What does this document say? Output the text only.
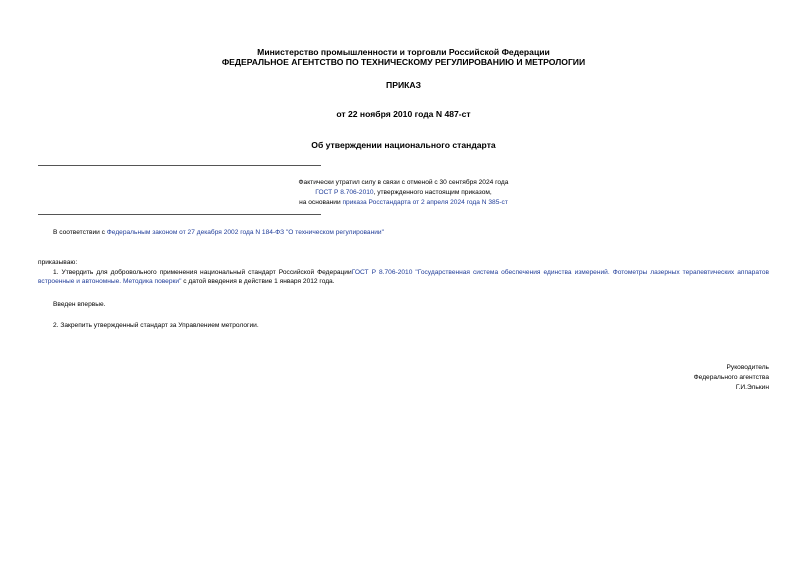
Министерство промышленности и торговли Российской Федерации
ФЕДЕРАЛЬНОЕ АГЕНТСТВО ПО ТЕХНИЧЕСКОМУ РЕГУЛИРОВАНИЮ И МЕТРОЛОГИИ
ПРИКАЗ
от 22 ноября 2010 года N 487-ст
Об утверждении национального стандарта
Фактически утратил силу в связи с отменой с 30 сентября 2024 года
ГОСТ Р 8.706-2010, утвержденного настоящим приказом,
на основании приказа Росстандарта от 2 апреля 2024 года N 385-ст
В соответствии с Федеральным законом от 27 декабря 2002 года N 184-ФЗ "О техническом регулировании"
приказываю:
1. Утвердить для добровольного применения национальный стандарт Российской ФедерацииГОСТ Р 8.706-2010 "Государственная система обеспечения единства измерений. Фотометры лазерных терапевтических аппаратов встроенные и автономные. Методика поверки" с датой введения в действие 1 января 2012 года.
Введен впервые.
2. Закрепить утвержденный стандарт за Управлением метрологии.
Руководитель
Федерального агентства
Г.И.Элькин
